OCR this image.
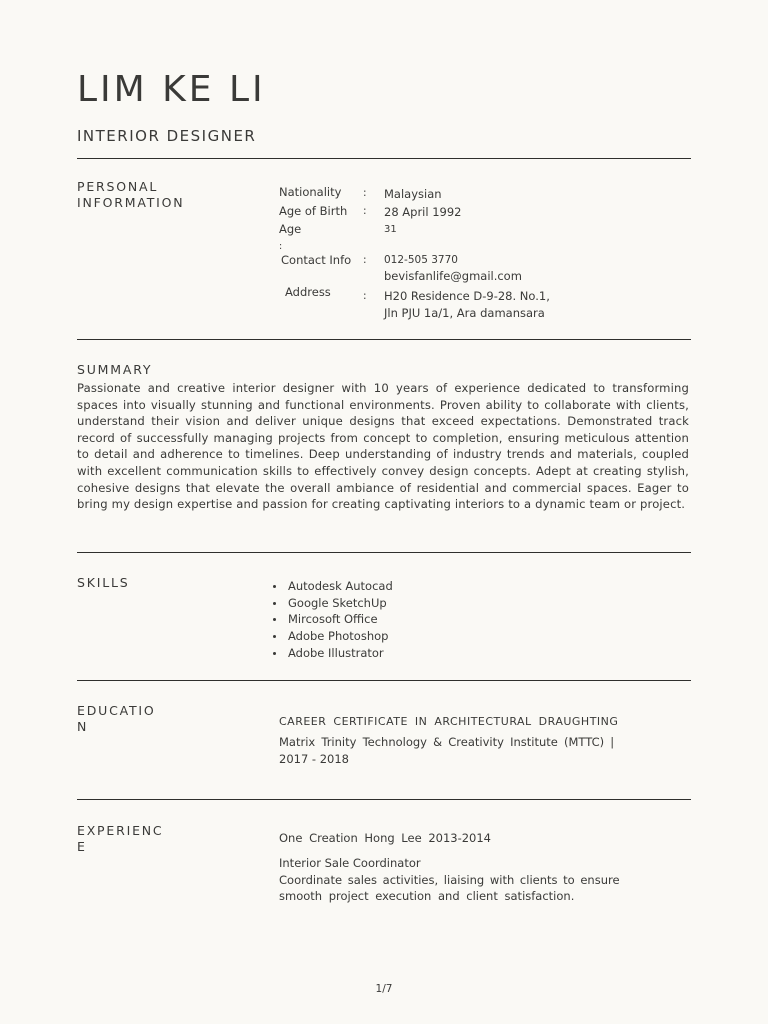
LIM KE LI
INTERIOR DESIGNER
PERSONAL
INFORMATION
Nationality : Malaysian
Age of Birth : 28 April 1992
Age	31
:
Contact Info : 012-505 3770
bevisfanlife@gmail.com
Address	: H20 Residence D-9-28. No.1,
Jln PJU 1a/1, Ara damansara
SUMMARY
Passionate and creative interior designer with 10 years of experience dedicated to transforming spaces into visually stunning and functional environments. Proven ability to collaborate with clients, understand their vision and deliver unique designs that exceed expectations. Demonstrated track record of successfully managing projects from concept to completion, ensuring meticulous attention to detail and adherence to timelines. Deep understanding of industry trends and materials, coupled with excellent communication skills to effectively convey design concepts. Adept at creating stylish, cohesive designs that elevate the overall ambiance of residential and commercial spaces. Eager to bring my design expertise and passion for creating captivating interiors to a dynamic team or project.
SKILLS	Autodesk Autocad
Google SketchUp
Mircosoft Office
Adobe Photoshop
Adobe Illustrator
EDUCATIO
N	CAREER CERTIFICATE IN ARCHITECTURAL DRAUGHTING
Matrix Trinity Technology & Creativity Institute (MTTC) |
2017 - 2018
EXPERIENC
E
One Creation Hong Lee 2013-2014
Interior Sale Coordinator
Coordinate sales activities, liaising with clients to ensure
smooth project execution and client satisfaction.
1/7
